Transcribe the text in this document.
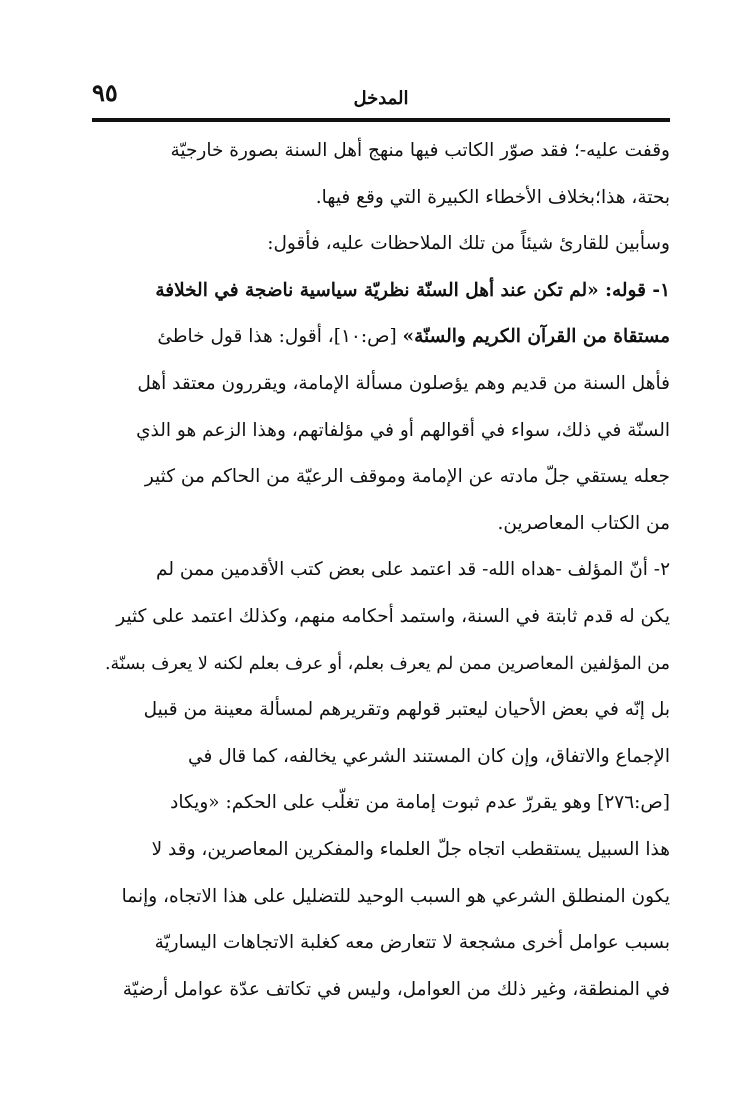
٩٥	المدخل
وقفت عليه-؛ فقد صوّر الكاتب فيها منهج أهل السنة بصورة خارجيّة
بحتة، هذا؛بخلاف الأخطاء الكبيرة التي وقع فيها.
وسأبين للقارئ شيئاً من تلك الملاحظات عليه، فأقول:
١- قوله: «لم تكن عند أهل السنّة نظريّة سياسية ناضجة في الخلافة
مستقاة من القرآن الكريم والسنّة» [ص:١٠]، أقول: هذا قول خاطئ
فأهل السنة من قديم وهم يؤصلون مسألة الإمامة، ويقررون معتقد أهل
السنّة في ذلك، سواء في أقوالهم أو في مؤلفاتهم، وهذا الزعم هو الذي
جعله يستقي جلّ مادته عن الإمامة وموقف الرعيّة من الحاكم من كثير
من الكتاب المعاصرين.
٢- أنّ المؤلف -هداه الله- قد اعتمد على بعض كتب الأقدمين ممن لم
يكن له قدم ثابتة في السنة، واستمد أحكامه منهم، وكذلك اعتمد على كثير
من المؤلفين المعاصرين ممن لم يعرف بعلم، أو عرف بعلم لكنه لا يعرف بسنّة.
بل إنّه في بعض الأحيان ليعتبر قولهم وتقريرهم لمسألة معينة من قبيل
الإجماع والاتفاق، وإن كان المستند الشرعي يخالفه، كما قال في
[ص:٢٧٦] وهو يقررّ عدم ثبوت إمامة من تغلّب على الحكم: «ويكاد
هذا السبيل يستقطب اتجاه جلّ العلماء والمفكرين المعاصرين، وقد لا
يكون المنطلق الشرعي هو السبب الوحيد للتضليل على هذا الاتجاه، وإنما
بسبب عوامل أخرى مشجعة لا تتعارض معه كغلبة الاتجاهات اليساريّة
في المنطقة، وغير ذلك من العوامل، وليس في تكاتف عدّة عوامل أرضيّة
